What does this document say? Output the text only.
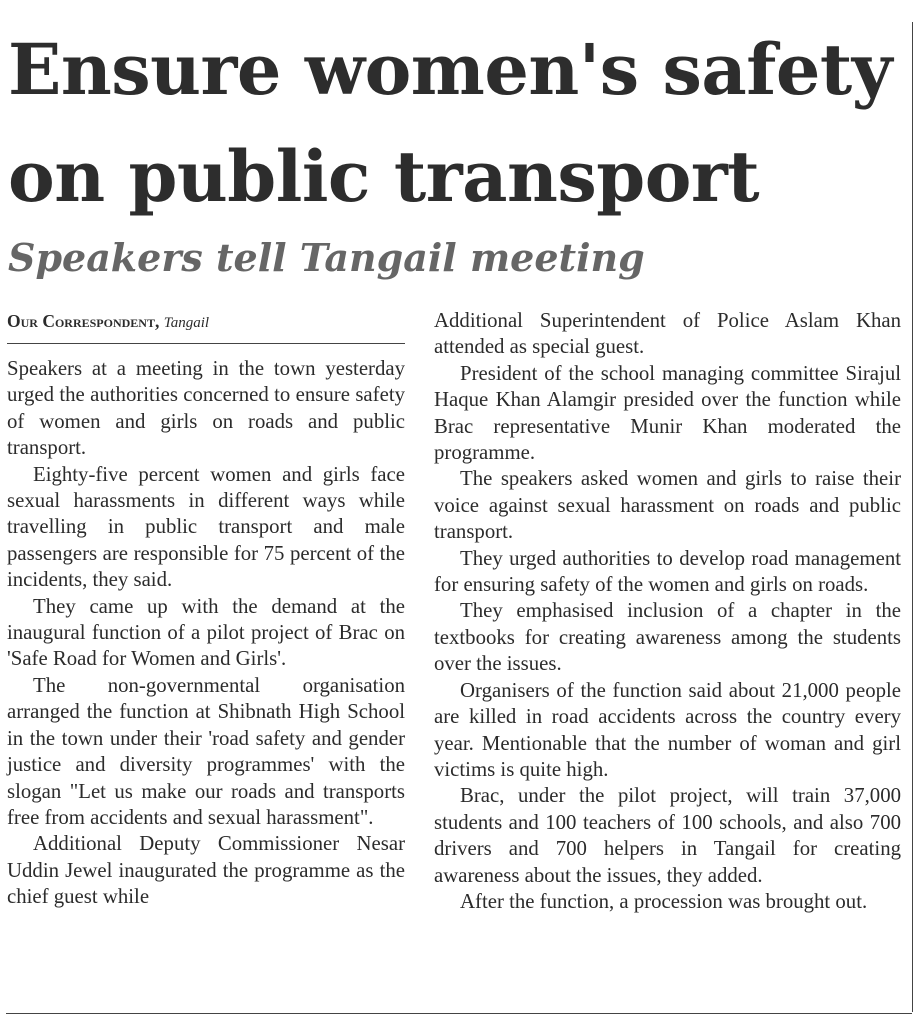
Ensure women's safety on public transport
Speakers tell Tangail meeting
Our Correspondent, Tangail

Speakers at a meeting in the town yesterday urged the authorities concerned to ensure safety of women and girls on roads and public transport.

Eighty-five percent women and girls face sexual harassments in different ways while travelling in public transport and male passengers are responsible for 75 percent of the incidents, they said.

They came up with the demand at the inaugural function of a pilot project of Brac on 'Safe Road for Women and Girls'.

The non-governmental organisation arranged the function at Shibnath High School in the town under their 'road safety and gender justice and diversity programmes' with the slogan "Let us make our roads and transports free from accidents and sexual harassment".

Additional Deputy Commissioner Nesar Uddin Jewel inaugurated the programme as the chief guest while

Additional Superintendent of Police Aslam Khan attended as special guest.

President of the school managing committee Sirajul Haque Khan Alamgir presided over the function while Brac representative Munir Khan moderated the programme.

The speakers asked women and girls to raise their voice against sexual harassment on roads and public transport.

They urged authorities to develop road management for ensuring safety of the women and girls on roads.

They emphasised inclusion of a chapter in the textbooks for creating awareness among the students over the issues.

Organisers of the function said about 21,000 people are killed in road accidents across the country every year. Mentionable that the number of woman and girl victims is quite high.

Brac, under the pilot project, will train 37,000 students and 100 teachers of 100 schools, and also 700 drivers and 700 helpers in Tangail for creating awareness about the issues, they added.

After the function, a procession was brought out.
